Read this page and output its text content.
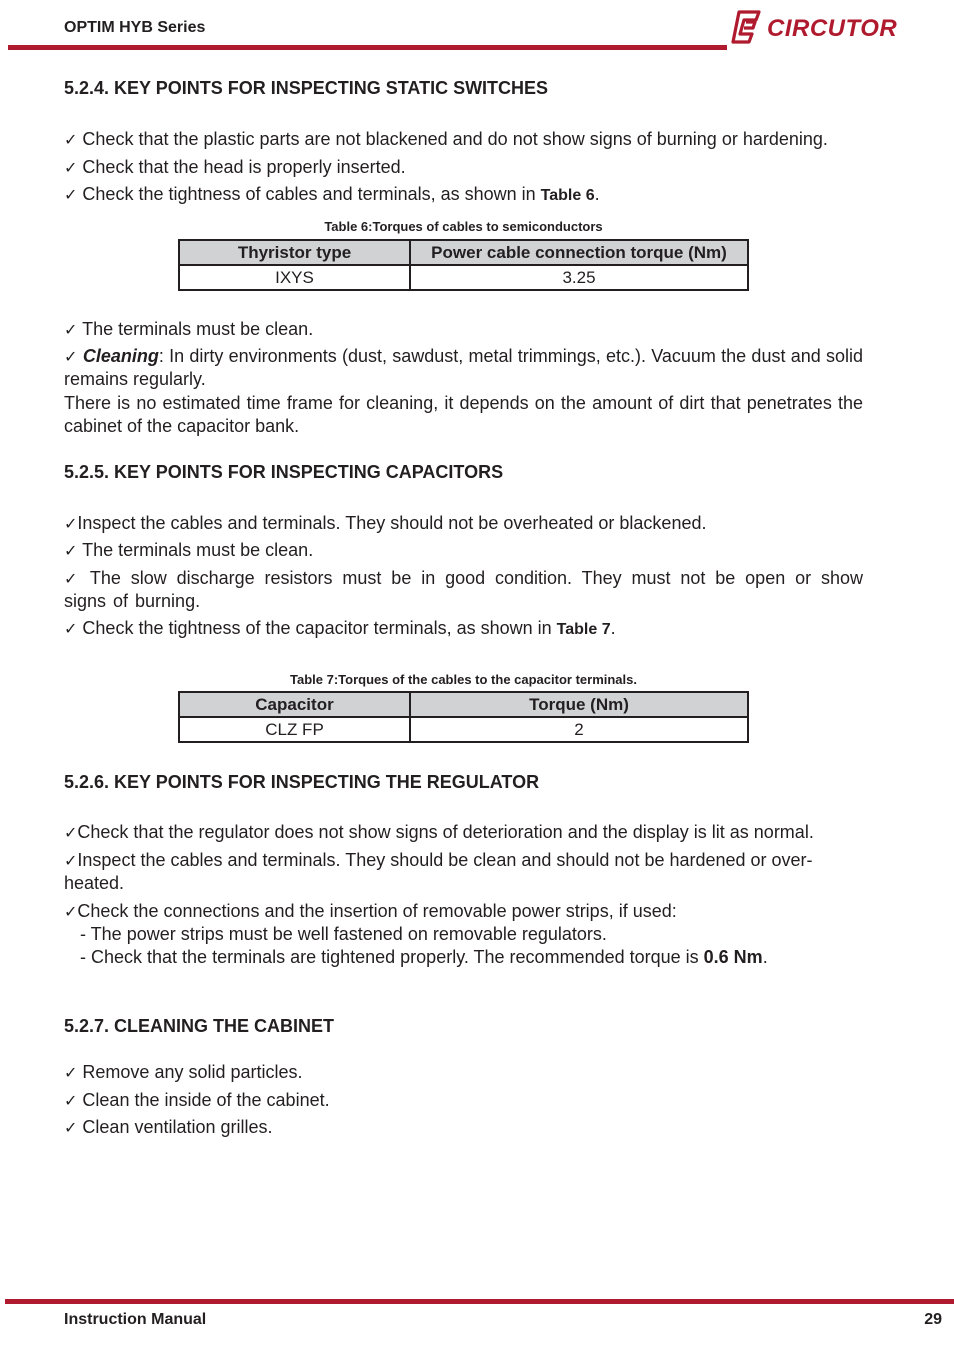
OPTIM HYB Series	CIRCUTOR
5.2.4. KEY POINTS FOR INSPECTING STATIC SWITCHES
✓ Check that the plastic parts are not blackened and do not show signs of burning or hardening.
✓ Check that the head is properly inserted.
✓ Check the tightness of cables and terminals, as shown in Table 6.
Table 6:Torques of cables to semiconductors
Thyristor type	Power cable connection torque (Nm)
IXYS	3.25
✓ The terminals must be clean.
✓ Cleaning: In dirty environments (dust, sawdust, metal trimmings, etc.). Vacuum the dust and solid remains regularly.
There is no estimated time frame for cleaning, it depends on the amount of dirt that penetrates the cabinet of the capacitor bank.
5.2.5. KEY POINTS FOR INSPECTING CAPACITORS
✓Inspect the cables and terminals. They should not be overheated or blackened.
✓ The terminals must be clean.
✓ The slow discharge resistors must be in good condition. They must not be open or show signs of burning.
✓ Check the tightness of the capacitor terminals, as shown in Table 7.
Table 7:Torques of the cables to the capacitor terminals.
Capacitor	Torque (Nm)
CLZ FP	2
5.2.6. KEY POINTS FOR INSPECTING THE REGULATOR
✓Check that the regulator does not show signs of deterioration and the display is lit as normal.
✓Inspect the cables and terminals. They should be clean and should not be hardened or over-heated.
✓Check the connections and the insertion of removable power strips, if used:
- The power strips must be well fastened on removable regulators.
- Check that the terminals are tightened properly. The recommended torque is 0.6 Nm.
5.2.7. CLEANING THE CABINET
✓ Remove any solid particles.
✓ Clean the inside of the cabinet.
✓ Clean ventilation grilles.
Instruction Manual	29
